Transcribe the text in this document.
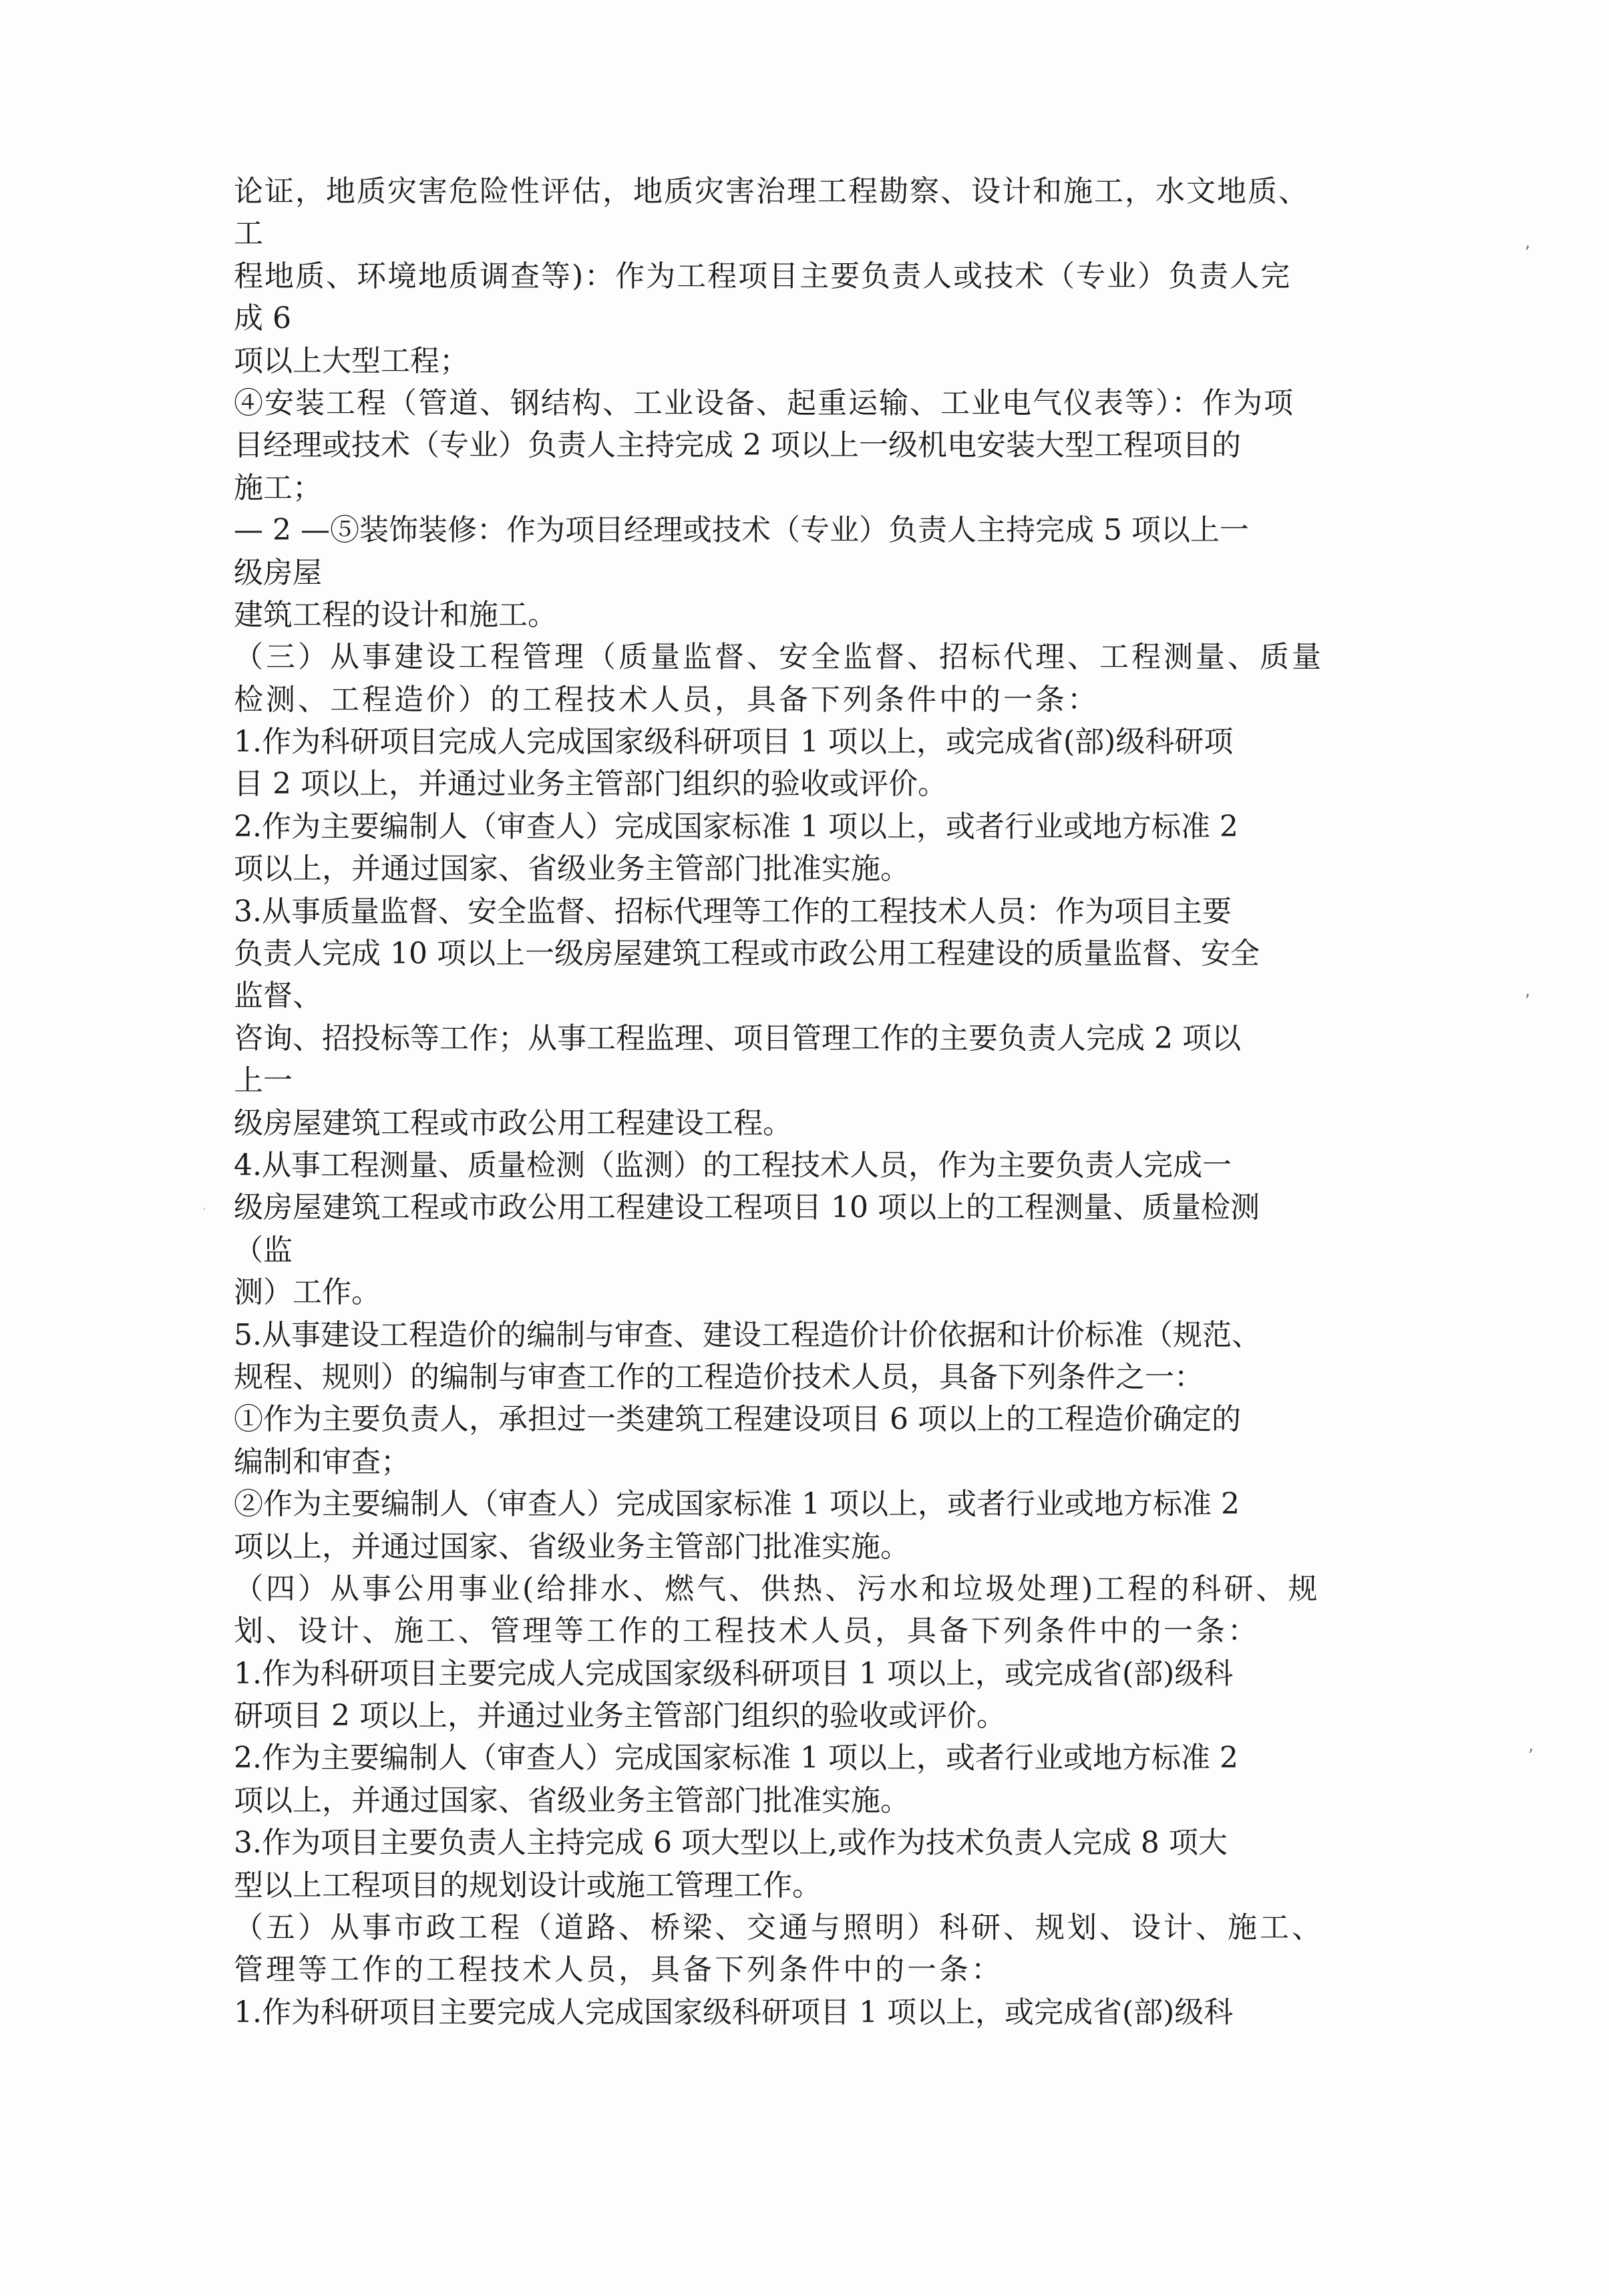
论证，地质灾害危险性评估，地质灾害治理工程勘察、设计和施工，水文地质、
工
程地质、环境地质调查等)：作为工程项目主要负责人或技术（专业）负责人完
成 6
项以上大型工程；
④安装工程（管道、钢结构、工业设备、起重运输、工业电气仪表等）：作为项
目经理或技术（专业）负责人主持完成 2 项以上一级机电安装大型工程项目的
施工；
— 2 —⑤装饰装修：作为项目经理或技术（专业）负责人主持完成 5 项以上一
级房屋
建筑工程的设计和施工。
（三）从事建设工程管理（质量监督、安全监督、招标代理、工程测量、质量
检测、工程造价）的工程技术人员，具备下列条件中的一条：
1.作为科研项目完成人完成国家级科研项目 1 项以上，或完成省(部)级科研项
目 2 项以上，并通过业务主管部门组织的验收或评价。
2.作为主要编制人（审查人）完成国家标准 1 项以上，或者行业或地方标准 2
项以上，并通过国家、省级业务主管部门批准实施。
3.从事质量监督、安全监督、招标代理等工作的工程技术人员：作为项目主要
负责人完成 10 项以上一级房屋建筑工程或市政公用工程建设的质量监督、安全
监督、
咨询、招投标等工作；从事工程监理、项目管理工作的主要负责人完成 2 项以
上一
级房屋建筑工程或市政公用工程建设工程。
4.从事工程测量、质量检测（监测）的工程技术人员，作为主要负责人完成一
级房屋建筑工程或市政公用工程建设工程项目 10 项以上的工程测量、质量检测
（监
测）工作。
5.从事建设工程造价的编制与审查、建设工程造价计价依据和计价标准（规范、
规程、规则）的编制与审查工作的工程造价技术人员，具备下列条件之一：
①作为主要负责人，承担过一类建筑工程建设项目 6 项以上的工程造价确定的
编制和审查；
②作为主要编制人（审查人）完成国家标准 1 项以上，或者行业或地方标准 2
项以上，并通过国家、省级业务主管部门批准实施。
（四）从事公用事业(给排水、燃气、供热、污水和垃圾处理)工程的科研、规
划、设计、施工、管理等工作的工程技术人员，具备下列条件中的一条：
1.作为科研项目主要完成人完成国家级科研项目 1 项以上，或完成省(部)级科
研项目 2 项以上，并通过业务主管部门组织的验收或评价。
2.作为主要编制人（审查人）完成国家标准 1 项以上，或者行业或地方标准 2
项以上，并通过国家、省级业务主管部门批准实施。
3.作为项目主要负责人主持完成 6 项大型以上,或作为技术负责人完成 8 项大
型以上工程项目的规划设计或施工管理工作。
（五）从事市政工程（道路、桥梁、交通与照明）科研、规划、设计、施工、
管理等工作的工程技术人员，具备下列条件中的一条：
1.作为科研项目主要完成人完成国家级科研项目 1 项以上，或完成省(部)级科
,
,
,
·
